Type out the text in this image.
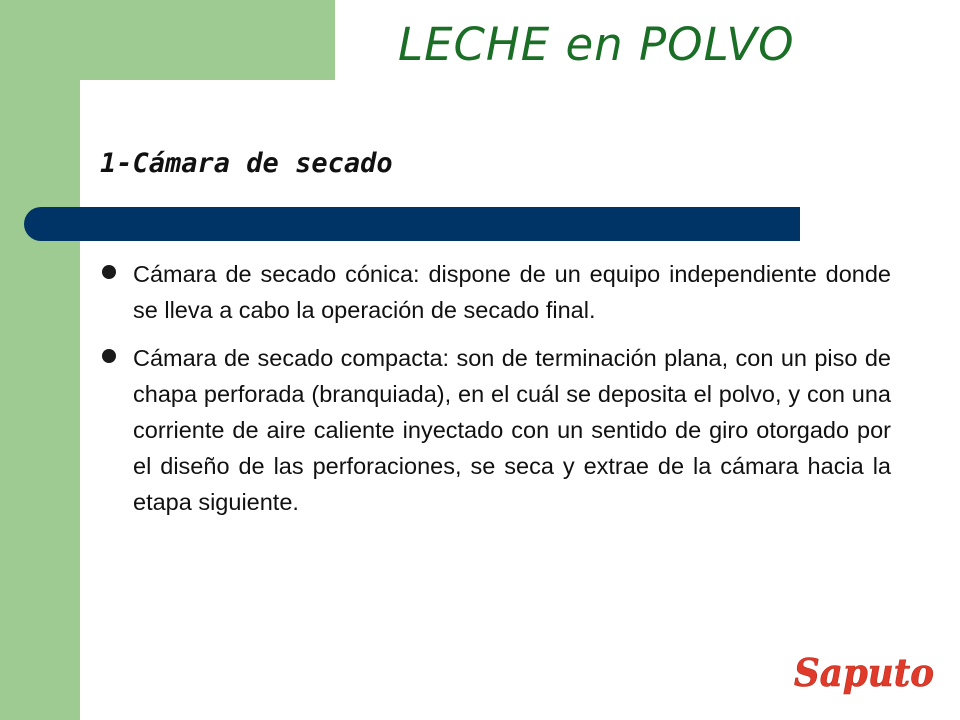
LECHE en POLVO
1-Cámara de secado
Cámara de secado cónica: dispone de un equipo independiente donde se lleva a cabo la operación de secado final.
Cámara de secado compacta: son de terminación plana, con un piso de chapa perforada (branquiada), en el cuál se deposita el polvo, y con una corriente de aire caliente inyectado con un sentido de giro otorgado por el diseño de las perforaciones, se seca y extrae de la cámara hacia la etapa siguiente.
Saputo
